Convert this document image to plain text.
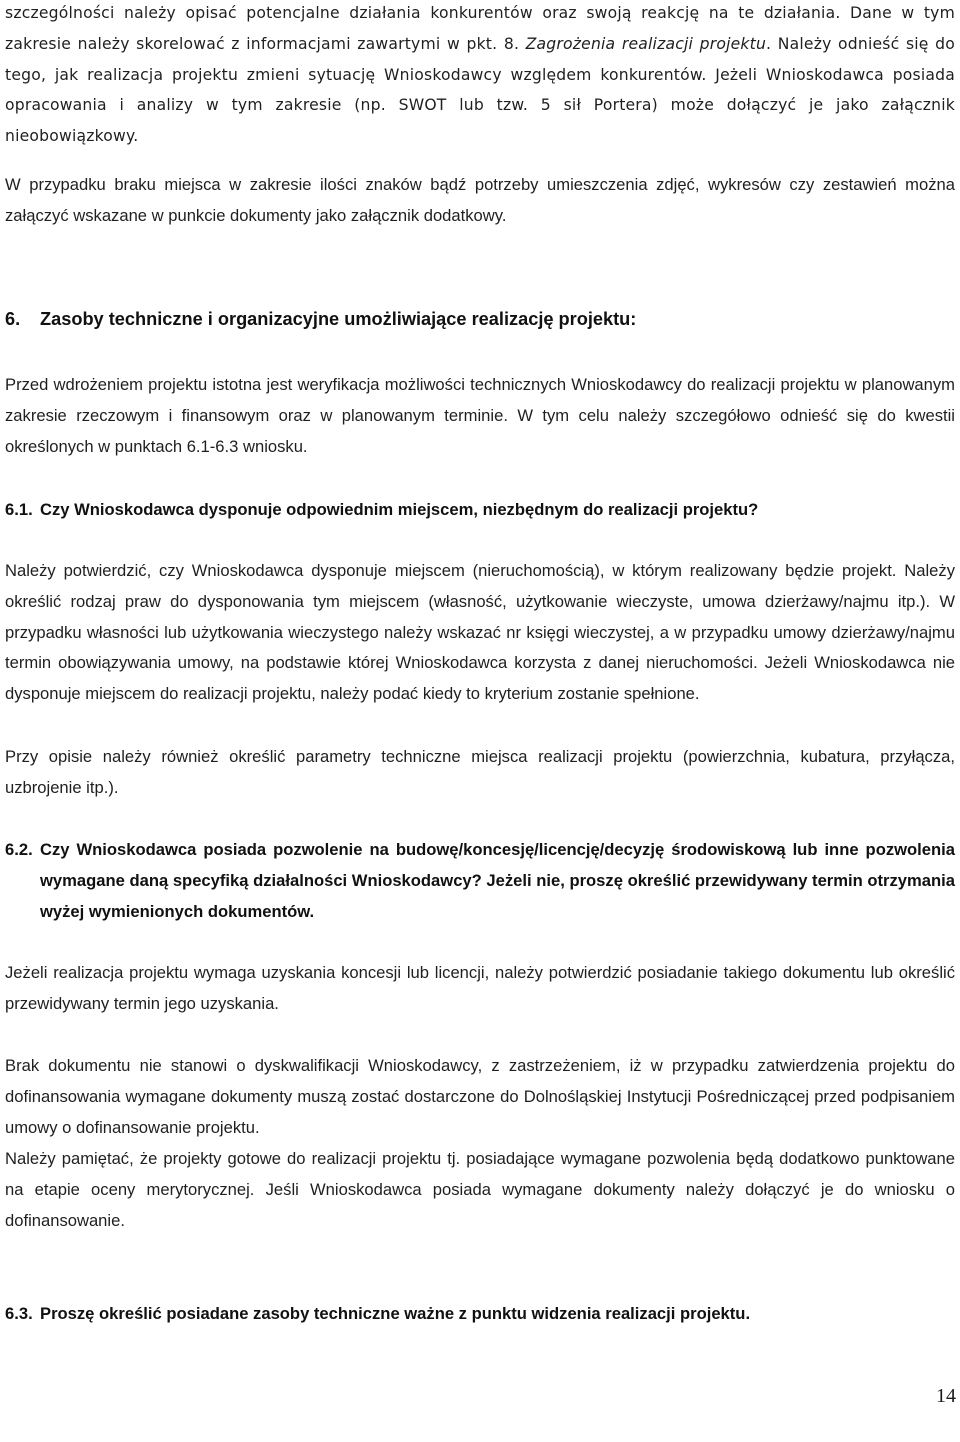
szczególności należy opisać potencjalne działania konkurentów oraz swoją reakcję na te działania. Dane w tym zakresie należy skorelować z informacjami zawartymi w pkt. 8. Zagrożenia realizacji projektu. Należy odnieść się do tego, jak realizacja projektu zmieni sytuację Wnioskodawcy względem konkurentów. Jeżeli Wnioskodawca posiada opracowania i analizy w tym zakresie (np. SWOT lub tzw. 5 sił Portera) może dołączyć je jako załącznik nieobowiązkowy.

W przypadku braku miejsca w zakresie ilości znaków bądź potrzeby umieszczenia zdjęć, wykresów czy zestawień można załączyć wskazane w punkcie dokumenty jako załącznik dodatkowy.

6.	Zasoby techniczne i organizacyjne umożliwiające realizację projektu:

Przed wdrożeniem projektu istotna jest weryfikacja możliwości technicznych Wnioskodawcy do realizacji projektu w planowanym zakresie rzeczowym i finansowym oraz w planowanym terminie. W tym celu należy szczegółowo odnieść się do kwestii określonych w punktach 6.1-6.3 wniosku.

6.1. Czy Wnioskodawca dysponuje odpowiednim miejscem, niezbędnym do realizacji projektu?

Należy potwierdzić, czy Wnioskodawca dysponuje miejscem (nieruchomością), w którym realizowany będzie projekt. Należy określić rodzaj praw do dysponowania tym miejscem (własność, użytkowanie wieczyste, umowa dzierżawy/najmu itp.). W przypadku własności lub użytkowania wieczystego należy wskazać nr księgi wieczystej, a w przypadku umowy dzierżawy/najmu termin obowiązywania umowy, na podstawie której Wnioskodawca korzysta z danej nieruchomości. Jeżeli Wnioskodawca nie dysponuje miejscem do realizacji projektu, należy podać kiedy to kryterium zostanie spełnione.

Przy opisie należy również określić parametry techniczne miejsca realizacji projektu (powierzchnia, kubatura, przyłącza, uzbrojenie itp.).

6.2. Czy Wnioskodawca posiada pozwolenie na budowę/koncesję/licencję/decyzję środowiskową lub inne pozwolenia wymagane daną specyfiką działalności Wnioskodawcy? Jeżeli nie, proszę określić przewidywany termin otrzymania wyżej wymienionych dokumentów.

Jeżeli realizacja projektu wymaga uzyskania koncesji lub licencji, należy potwierdzić posiadanie takiego dokumentu lub określić przewidywany termin jego uzyskania.

Brak dokumentu nie stanowi o dyskwalifikacji Wnioskodawcy, z zastrzeżeniem, iż w przypadku zatwierdzenia projektu do dofinansowania wymagane dokumenty muszą zostać dostarczone do Dolnośląskiej Instytucji Pośredniczącej przed podpisaniem umowy o dofinansowanie projektu.

Należy pamiętać, że projekty gotowe do realizacji projektu tj. posiadające wymagane pozwolenia będą dodatkowo punktowane na etapie oceny merytorycznej. Jeśli Wnioskodawca posiada wymagane dokumenty należy dołączyć je do wniosku o dofinansowanie.

6.3. Proszę określić posiadane zasoby techniczne ważne z punktu widzenia realizacji projektu.
14
